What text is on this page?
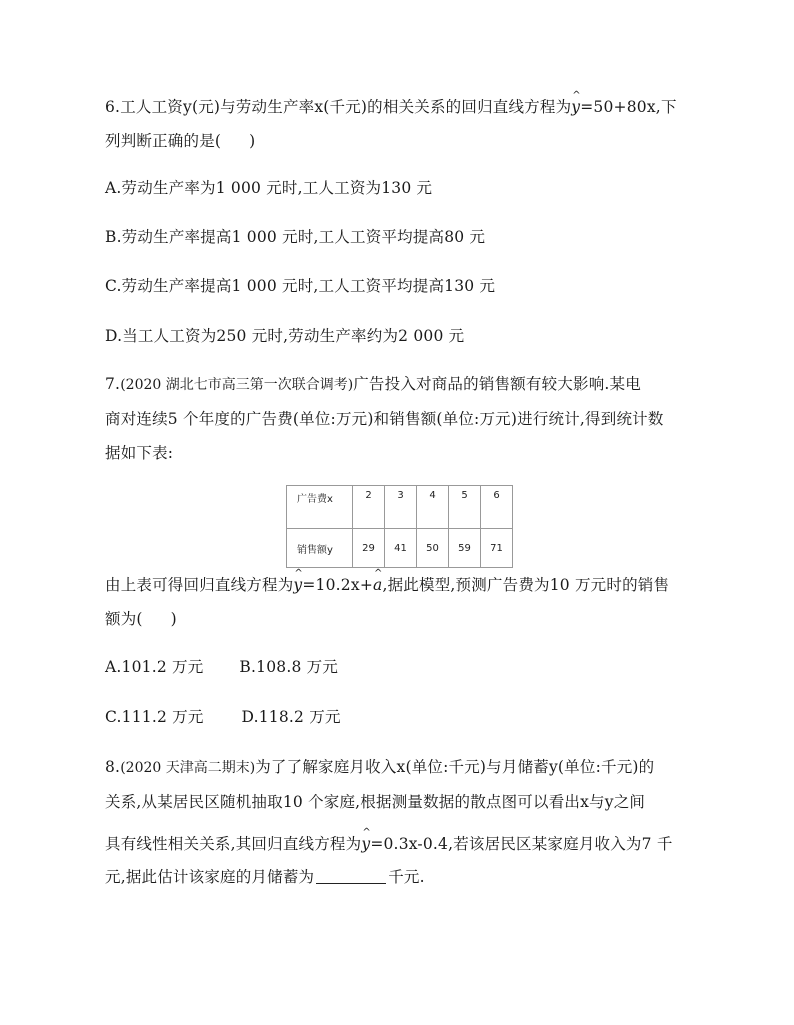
6.工人工资y(元)与劳动生产率x(千元)的相关关系的回归直线方程为^ y=50+80x,下
列判断正确的是( )
A.劳动生产率为1 000 元时,工人工资为130 元
B.劳动生产率提高1 000 元时,工人工资平均提高80 元
C.劳动生产率提高1 000 元时,工人工资平均提高130 元
D.当工人工资为250 元时,劳动生产率约为2 000 元
7.(2020 湖北七市高三第一次联合调考)广告投入对商品的销售额有较大影响.某电
商对连续5 个年度的广告费(单位:万元)和销售额(单位:万元)进行统计,得到统计数
据如下表:
广告费x	2	3	4	5	6
销售额y	29	41	50	59	71
由上表可得回归直线方程为^ y=10.2x+^ a,据此模型,预测广告费为10 万元时的销售
额为( )
A.101.2 万元 B.108.8 万元
C.111.2 万元 D.118.2 万元
8.(2020 天津高二期末)为了了解家庭月收入x(单位:千元)与月储蓄y(单位:千元)的
关系,从某居民区随机抽取10 个家庭,根据测量数据的散点图可以看出x与y之间
具有线性相关关系,其回归直线方程为^ y=0.3x-0.4,若该居民区某家庭月收入为7 千
元,据此估计该家庭的月储蓄为	千元.
